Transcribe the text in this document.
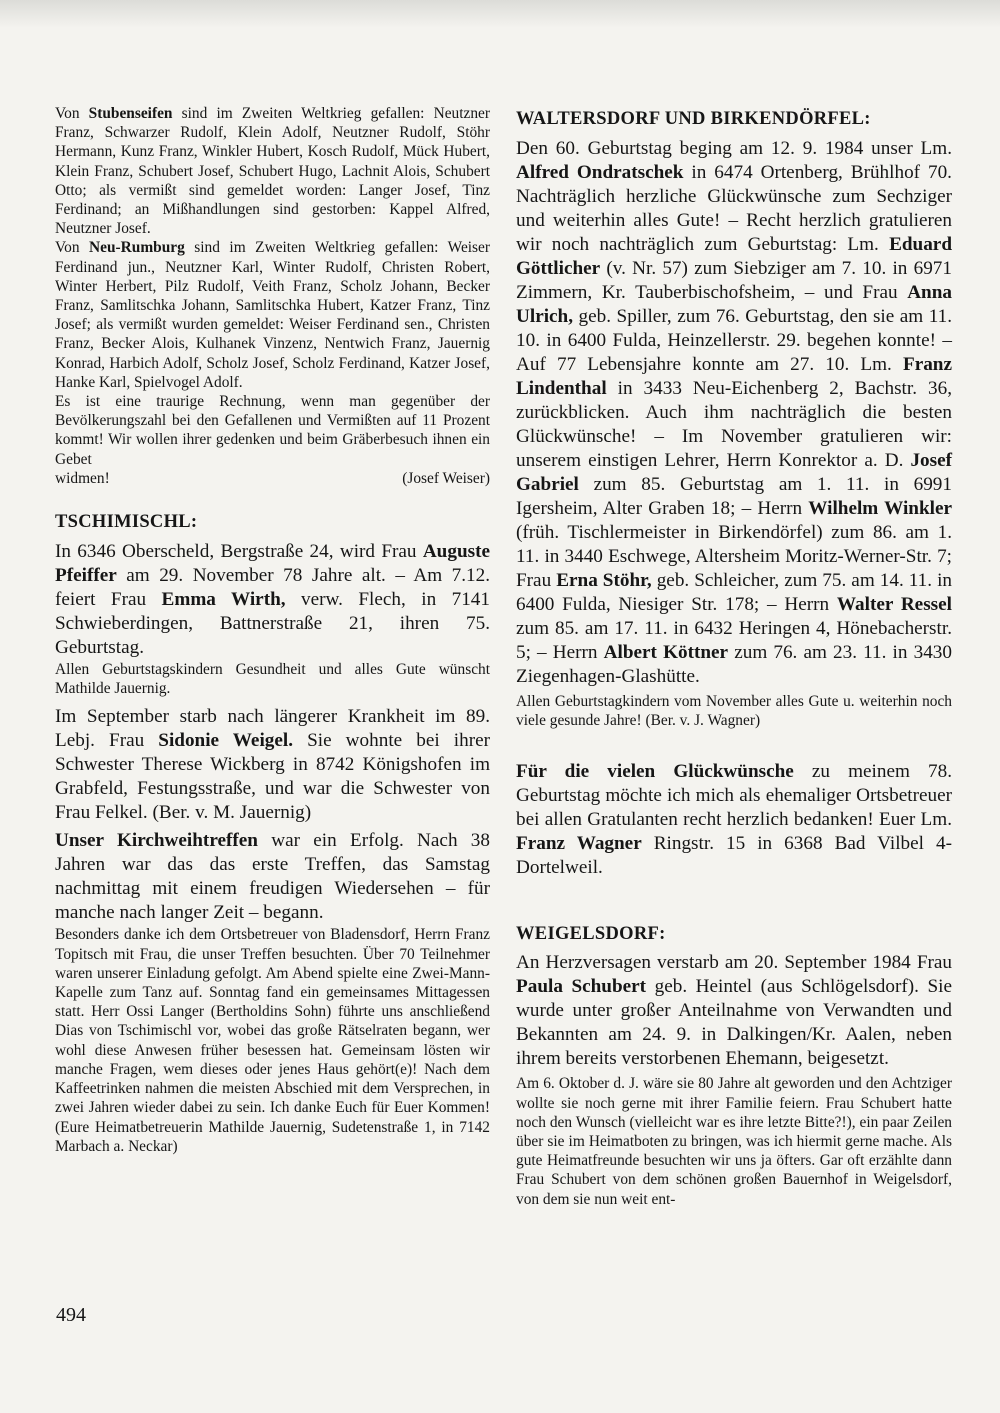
Von Stubenseifen sind im Zweiten Weltkrieg gefallen: Neutzner Franz, Schwarzer Rudolf, Klein Adolf, Neutzner Rudolf, Stöhr Hermann, Kunz Franz, Winkler Hubert, Kosch Rudolf, Mück Hubert, Klein Franz, Schubert Josef, Schubert Hugo, Lachnit Alois, Schubert Otto; als vermißt sind gemeldet worden: Langer Josef, Tinz Ferdinand; an Mißhandlungen sind gestorben: Kappel Alfred, Neutzner Josef.

Von Neu-Rumburg sind im Zweiten Weltkrieg gefallen: Weiser Ferdinand jun., Neutzner Karl, Winter Rudolf, Christen Robert, Winter Herbert, Pilz Rudolf, Veith Franz, Scholz Johann, Becker Franz, Samlitschka Johann, Samlitschka Hubert, Katzer Franz, Tinz Josef; als vermißt wurden gemeldet: Weiser Ferdinand sen., Christen Franz, Becker Alois, Kulhanek Vinzenz, Nentwich Franz, Jauernig Konrad, Harbich Adolf, Scholz Josef, Scholz Ferdinand, Katzer Josef, Hanke Karl, Spielvogel Adolf.

Es ist eine traurige Rechnung, wenn man gegenüber der Bevölkerungszahl bei den Gefallenen und Vermißten auf 11 Prozent kommt! Wir wollen ihrer gedenken und beim Gräberbesuch ihnen ein Gebet

widmen!	(Josef Weiser)
TSCHIMISCHL:

In 6346 Oberscheld, Bergstraße 24, wird Frau Auguste Pfeiffer am 29. November 78 Jahre alt. – Am 7.12. feiert Frau Emma Wirth, verw. Flech, in 7141 Schwieberdingen, Battnerstraße 21, ihren 75. Geburtstag.

Allen Geburtstagskindern Gesundheit und alles Gute wünscht Mathilde Jauernig.

Im September starb nach längerer Krankheit im 89. Lebj. Frau Sidonie Weigel. Sie wohnte bei ihrer Schwester Therese Wickberg in 8742 Königshofen im Grabfeld, Festungsstraße, und war die Schwester von Frau Felkel. (Ber. v. M. Jauernig)

Unser Kirchweihtreffen war ein Erfolg. Nach 38 Jahren war das das erste Treffen, das Samstag nachmittag mit einem freudigen Wiedersehen – für manche nach langer Zeit – begann.

Besonders danke ich dem Ortsbetreuer von Bladensdorf, Herrn Franz Topitsch mit Frau, die unser Treffen besuchten. Über 70 Teilnehmer waren unserer Einladung gefolgt. Am Abend spielte eine Zwei-Mann-Kapelle zum Tanz auf. Sonntag fand ein gemeinsames Mittagessen statt. Herr Ossi Langer (Bertholdins Sohn) führte uns anschließend Dias von Tschimischl vor, wobei das große Rätselraten begann, wer wohl diese Anwesen früher besessen hat. Gemeinsam lösten wir manche Fragen, wem dieses oder jenes Haus gehört(e)! Nach dem Kaffeetrinken nahmen die meisten Abschied mit dem Versprechen, in zwei Jahren wieder dabei zu sein. Ich danke Euch für Euer Kommen! (Eure Heimatbetreuerin Mathilde Jauernig, Sudetenstraße 1, in 7142 Marbach a. Neckar)

WALTERSDORF UND BIRKENDÖRFEL:

Den 60. Geburtstag beging am 12. 9. 1984 unser Lm. Alfred Ondratschek in 6474 Ortenberg, Brühlhof 70. Nachträglich herzliche Glückwünsche zum Sechziger und weiterhin alles Gute! – Recht herzlich gratulieren wir noch nachträglich zum Geburtstag: Lm. Eduard Göttlicher (v. Nr. 57) zum Siebziger am 7. 10. in 6971 Zimmern, Kr. Tauberbischofsheim, – und Frau Anna Ulrich, geb. Spiller, zum 76. Geburtstag, den sie am 11. 10. in 6400 Fulda, Heinzellerstr. 29. begehen konnte! – Auf 77 Lebensjahre konnte am 27. 10. Lm. Franz Lindenthal in 3433 Neu-Eichenberg 2, Bachstr. 36, zurückblicken. Auch ihm nachträglich die besten Glückwünsche! – Im November gratulieren wir: unserem einstigen Lehrer, Herrn Konrektor a. D. Josef Gabriel zum 85. Geburtstag am 1. 11. in 6991 Igersheim, Alter Graben 18; – Herrn Wilhelm Winkler (früh. Tischlermeister in Birkendörfel) zum 86. am 1. 11. in 3440 Eschwege, Altersheim Moritz-Werner-Str. 7; Frau Erna Stöhr, geb. Schleicher, zum 75. am 14. 11. in 6400 Fulda, Niesiger Str. 178; – Herrn Walter Ressel zum 85. am 17. 11. in 6432 Heringen 4, Hönebacherstr. 5; – Herrn Albert Köttner zum 76. am 23. 11. in 3430 Ziegenhagen-Glashütte.

Allen Geburtstagkindern vom November alles Gute u. weiterhin noch viele gesunde Jahre! (Ber. v. J. Wagner)

Für die vielen Glückwünsche zu meinem 78. Geburtstag möchte ich mich als ehemaliger Ortsbetreuer bei allen Gratulanten recht herzlich bedanken! Euer Lm. Franz Wagner Ringstr. 15 in 6368 Bad Vilbel 4-Dortelweil.

WEIGELSDORF:

An Herzversagen verstarb am 20. September 1984 Frau Paula Schubert geb. Heintel (aus Schlögelsdorf). Sie wurde unter großer Anteilnahme von Verwandten und Bekannten am 24. 9. in Dalkingen/Kr. Aalen, neben ihrem bereits verstorbenen Ehemann, beigesetzt.

Am 6. Oktober d. J. wäre sie 80 Jahre alt geworden und den Achtziger wollte sie noch gerne mit ihrer Familie feiern. Frau Schubert hatte noch den Wunsch (vielleicht war es ihre letzte Bitte?!), ein paar Zeilen über sie im Heimatboten zu bringen, was ich hiermit gerne mache. Als gute Heimatfreunde besuchten wir uns ja öfters. Gar oft erzählte dann Frau Schubert von dem schönen großen Bauernhof in Weigelsdorf, von dem sie nun weit ent-

494
